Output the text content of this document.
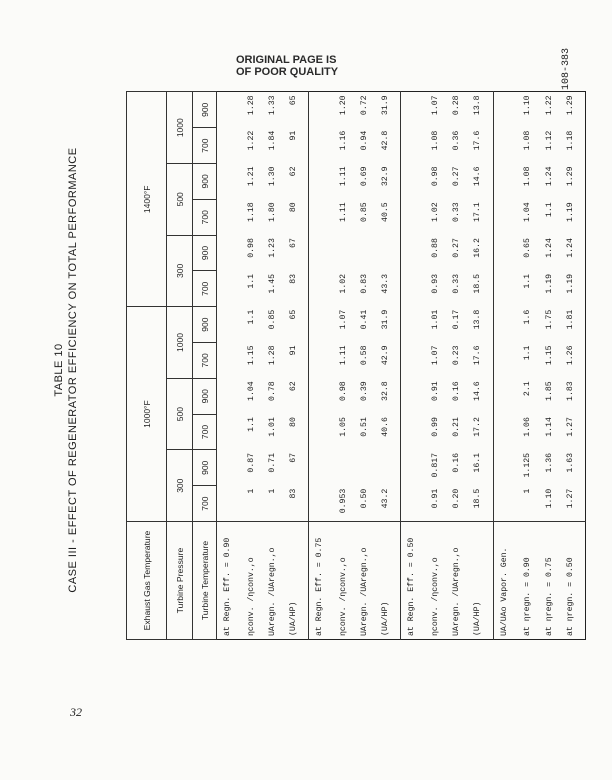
ORIGINAL PAGE IS
OF POOR QUALITY	108-383
TABLE 10 CASE III - EFFECT OF REGENERATOR EFFICIENCY ON TOTAL PERFORMANCE	Exhaust Gas Temperature	1000°F						1400°F					
Turbine Pressure	300		500		1000		300		500		1000	
Turbine Temperature	700	900	700	900	700	900	700	900	700	900	700	900
at Regn. Eff. = 0.90												
ηconv. /ηconv.,o	1	0.87	1.1	1.04	1.15	1.1	1.1	0.98	1.18	1.21	1.22	1.28
UAregn. /UAregn.,o	1	0.71	1.01	0.78	1.28	0.85	1.45	1.23	1.80	1.30	1.84	1.33
(UA/HP)	83	67	80	62	91	65	83	67	80	62	91	65
at Regn. Eff. = 0.75												
ηconv. /ηconv.,o	0.953		1.05	0.98	1.11	1.07	1.02		1.11	1.11	1.16	1.20
UAregn. /UAregn.,o	0.50		0.51	0.39	0.58	0.41	0.83		0.85	0.69	0.94	0.72
(UA/HP)	43.2		40.6	32.8	42.9	31.9	43.3		40.5	32.9	42.8	31.9
at Regn. Eff. = 0.50												
ηconv. /ηconv.,o	0.91	0.817	0.99	0.91	1.07	1.01	0.93	0.88	1.02	0.98	1.08	1.07
UAregn. /UAregn.,o	0.20	0.16	0.21	0.16	0.23	0.17	0.33	0.27	0.33	0.27	0.36	0.28
(UA/HP)	18.5	16.1	17.2	14.6	17.6	13.8	18.5	16.2	17.1	14.6	17.6	13.8
UA/UAo Vapor. Gen.												
at ηregn. = 0.90	1	1.125	1.06	2.1	1.1	1.6	1.1	0.65	1.04	1.08	1.08	1.10
at ηregn. = 0.75	1.10	1.36	1.14	1.85	1.15	1.75	1.19	1.24	1.1	1.24	1.12	1.22
at ηregn. = 0.50	1.27	1.63	1.27	1.83	1.26	1.81	1.19	1.24	1.19	1.29	1.18	1.29
32
